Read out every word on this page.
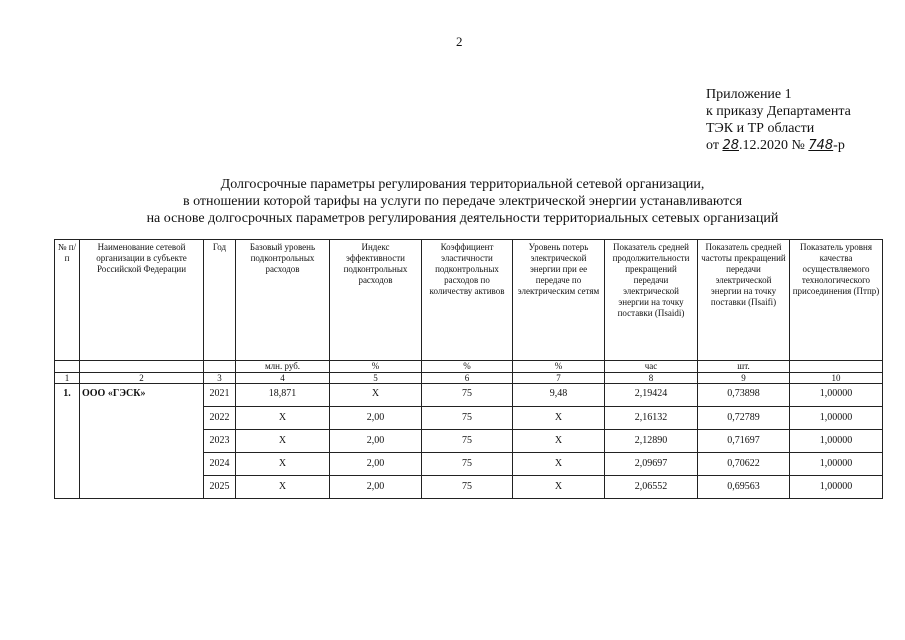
2
Приложение 1
к приказу Департамента
ТЭК и ТР области
от 28.12.2020 № 748-р
Долгосрочные параметры регулирования территориальной сетевой организации,
в отношении которой тарифы на услуги по передаче электрической энергии устанавливаются
на основе долгосрочных параметров регулирования деятельности территориальных сетевых организаций
№ п/п	Наименование сетевой организации в субъекте Российской Федерации	Год	Базовый уровень подконтрольных расходов	Индекс эффективности подконтрольных расходов	Коэффициент эластичности подконтрольных расходов по количеству активов	Уровень потерь электрической энергии при ее передаче по электрическим сетям	Показатель средней продолжительности прекращений передачи электрической энергии на точку поставки (Пsaidi)	Показатель средней частоты прекращений передачи электрической энергии на точку поставки (Пsaifi)	Показатель уровня качества осуществляемого технологического присоединения (Птпр)
			млн. руб.	%	%	%	час	шт.	
1	2	3	4	5	6	7	8	9	10
1.	ООО «ГЭСК»	2021	18,871	X	75	9,48	2,19424	0,73898	1,00000
		2022	X	2,00	75	X	2,16132	0,72789	1,00000
		2023	X	2,00	75	X	2,12890	0,71697	1,00000
		2024	X	2,00	75	X	2,09697	0,70622	1,00000
		2025	X	2,00	75	X	2,06552	0,69563	1,00000
